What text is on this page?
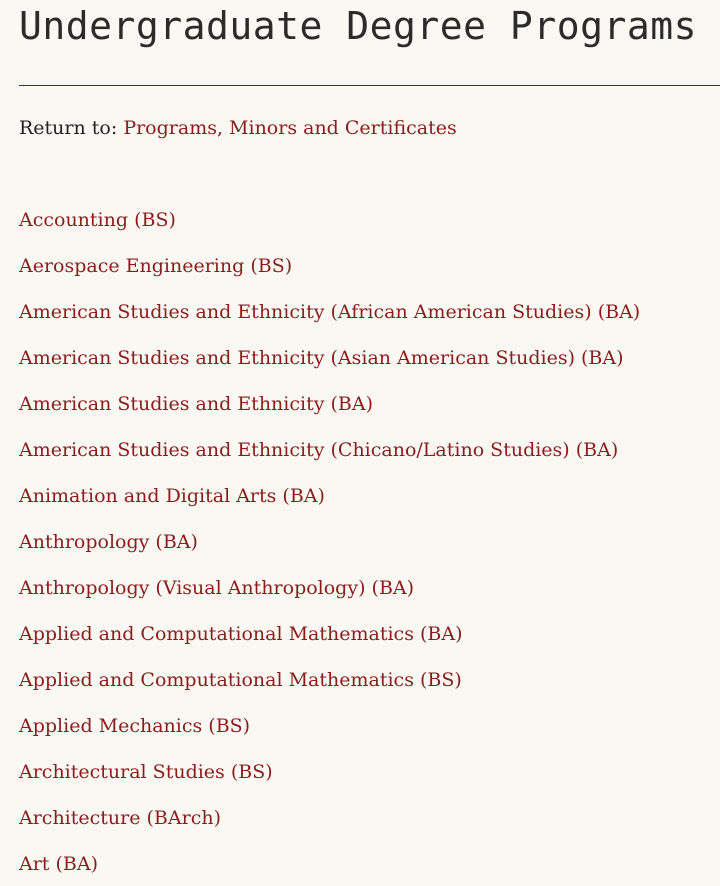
Undergraduate Degree Programs
Return to: Programs, Minors and Certificates
Accounting (BS)
Aerospace Engineering (BS)
American Studies and Ethnicity (African American Studies) (BA)
American Studies and Ethnicity (Asian American Studies) (BA)
American Studies and Ethnicity (BA)
American Studies and Ethnicity (Chicano/Latino Studies) (BA)
Animation and Digital Arts (BA)
Anthropology (BA)
Anthropology (Visual Anthropology) (BA)
Applied and Computational Mathematics (BA)
Applied and Computational Mathematics (BS)
Applied Mechanics (BS)
Architectural Studies (BS)
Architecture (BArch)
Art (BA)
